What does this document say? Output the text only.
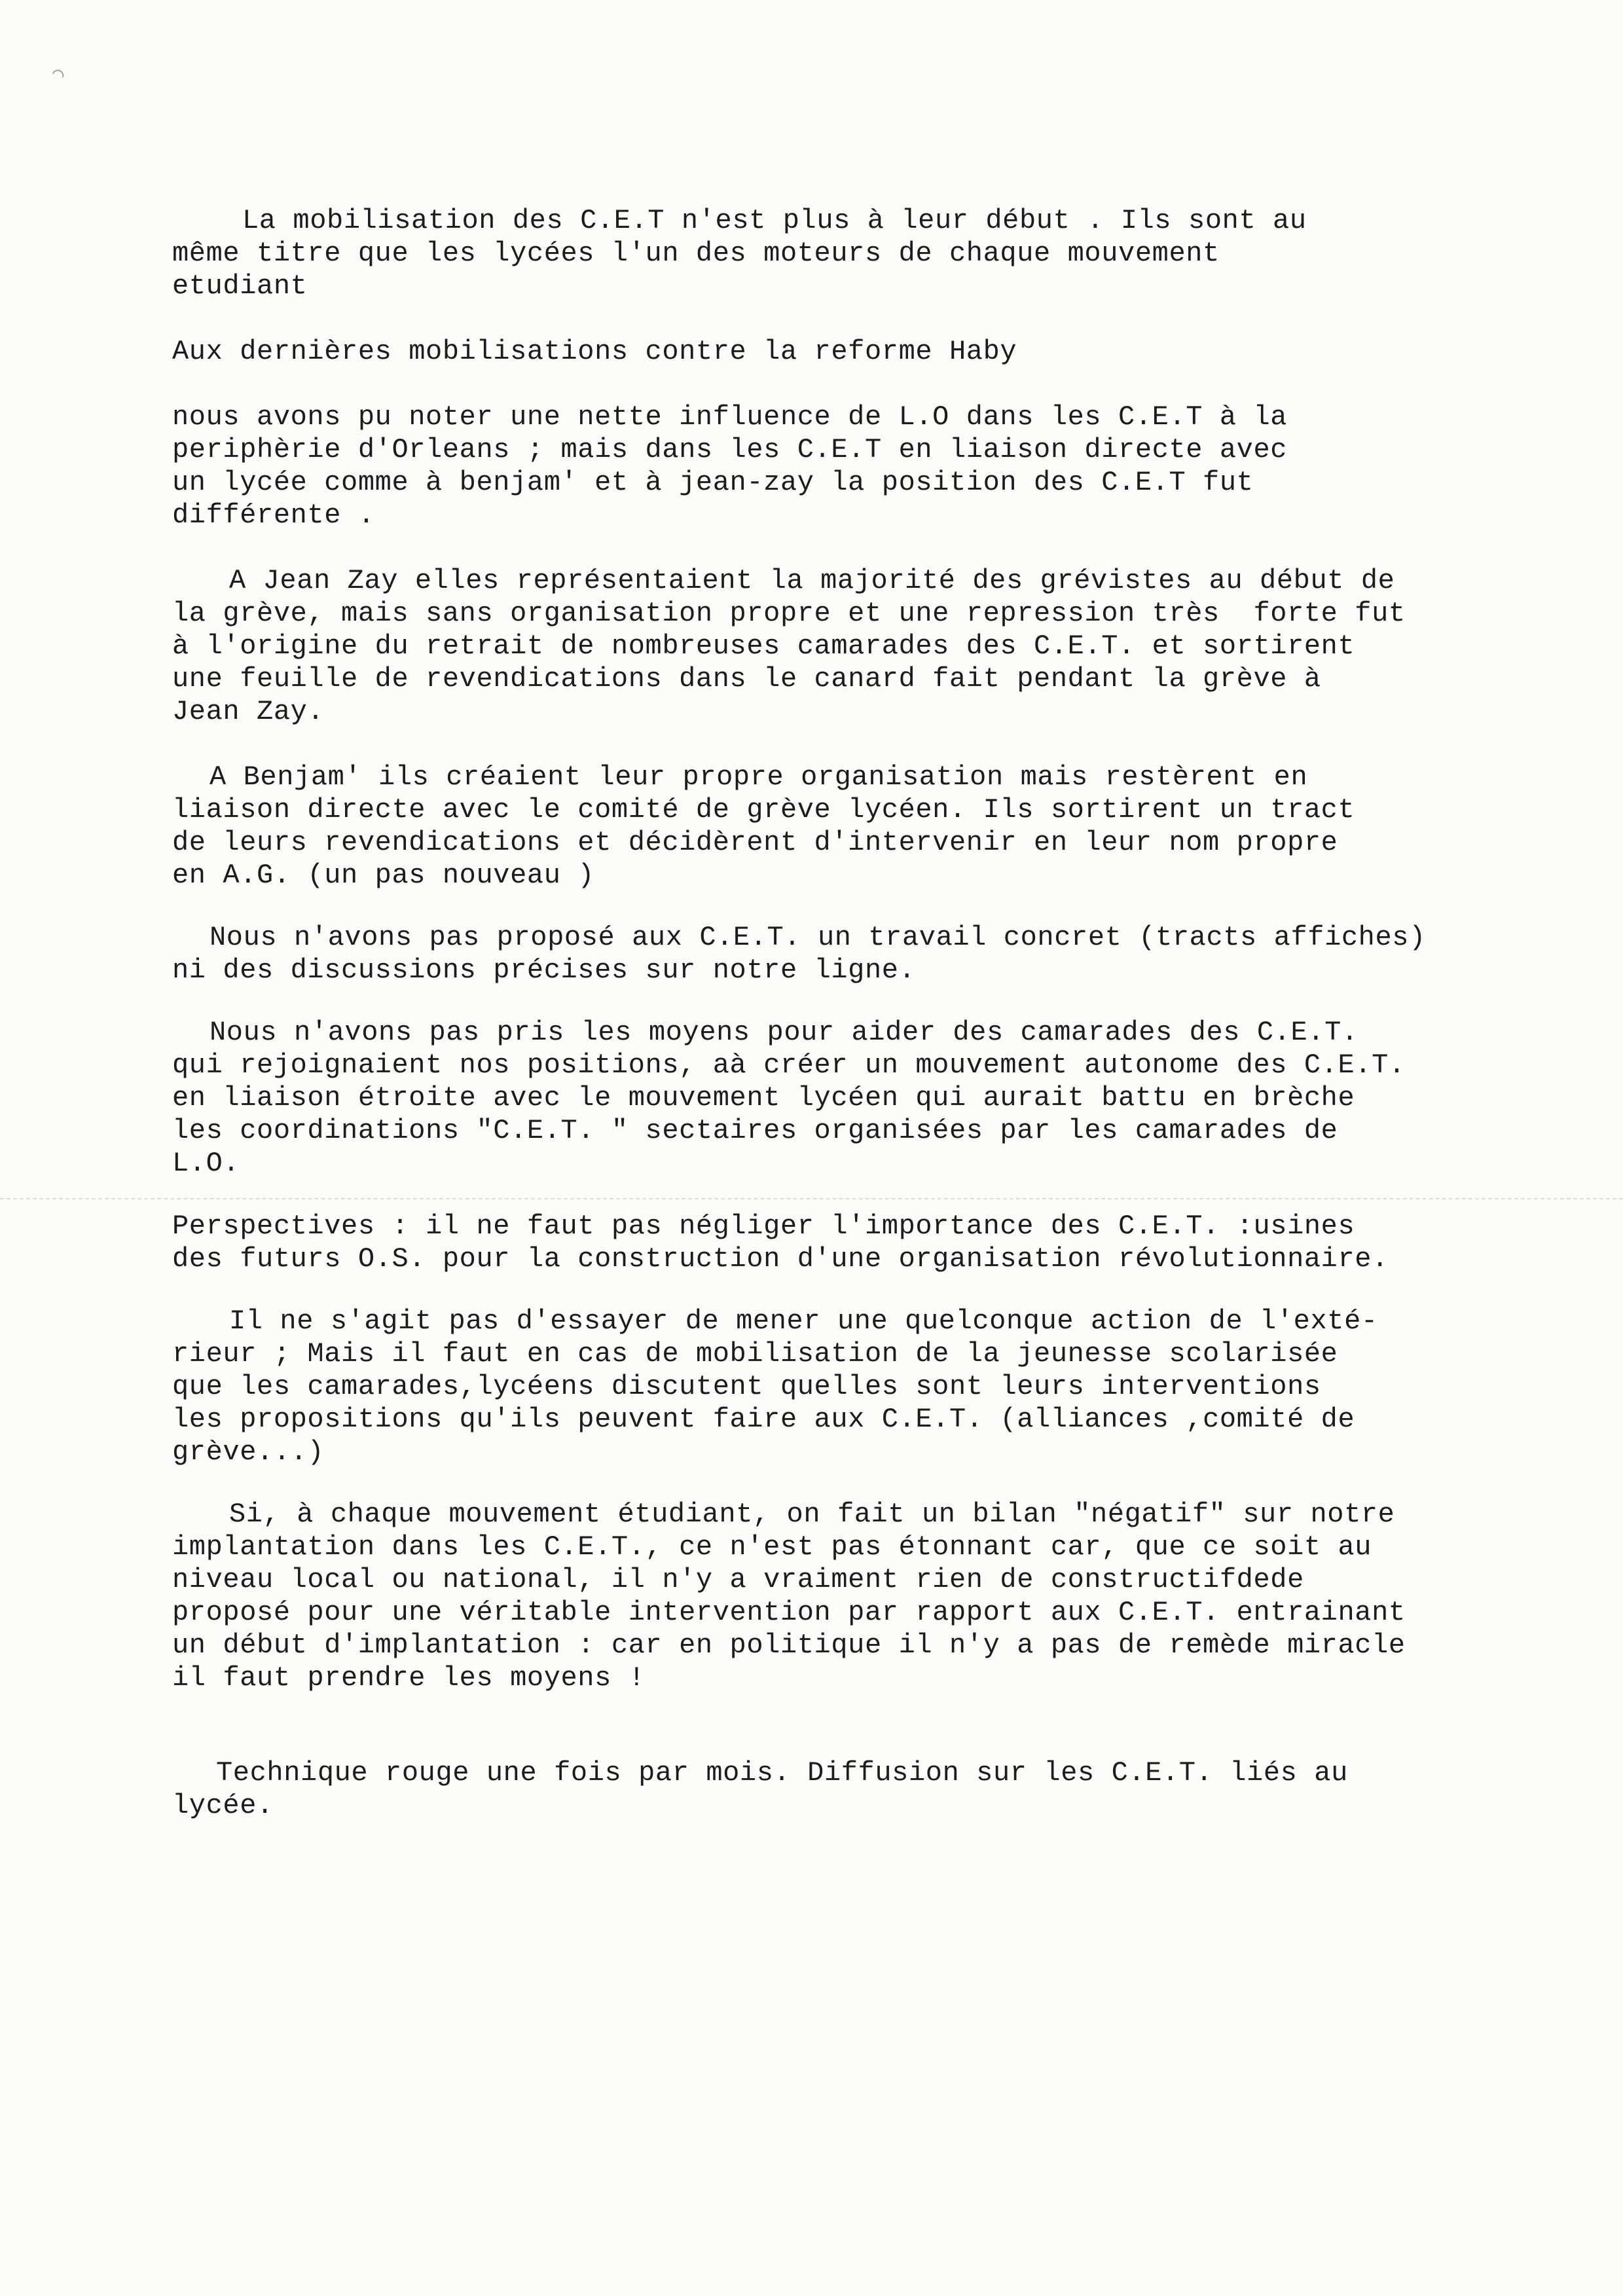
⌒
La mobilisation des C.E.T n'est plus à leur début . Ils sont au
même titre que les lycées l'un des moteurs de chaque mouvement
etudiant
Aux dernières mobilisations contre la reforme Haby
nous avons pu noter une nette influence de L.O dans les C.E.T à la
periphèrie d'Orleans ; mais dans les C.E.T en liaison directe avec
un lycée comme à benjam' et à jean-zay la position des C.E.T fut
différente .
A Jean Zay elles représentaient la majorité des grévistes au début de
la grève, mais sans organisation propre et une repression très  forte fut
à l'origine du retrait de nombreuses camarades des C.E.T. et sortirent
une feuille de revendications dans le canard fait pendant la grève à
Jean Zay.
A Benjam' ils créaient leur propre organisation mais restèrent en
liaison directe avec le comité de grève lycéen. Ils sortirent un tract
de leurs revendications et décidèrent d'intervenir en leur nom propre
en A.G. (un pas nouveau )
Nous n'avons pas proposé aux C.E.T. un travail concret (tracts affiches)
ni des discussions précises sur notre ligne.
Nous n'avons pas pris les moyens pour aider des camarades des C.E.T.
qui rejoignaient nos positions, aà créer un mouvement autonome des C.E.T.
en liaison étroite avec le mouvement lycéen qui aurait battu en brèche
les coordinations "C.E.T. " sectaires organisées par les camarades de
L.O.
Perspectives : il ne faut pas négliger l'importance des C.E.T. :usines
des futurs O.S. pour la construction d'une organisation révolutionnaire.
Il ne s'agit pas d'essayer de mener une quelconque action de l'exté-
rieur ; Mais il faut en cas de mobilisation de la jeunesse scolarisée
que les camarades,lycéens discutent quelles sont leurs interventions
les propositions qu'ils peuvent faire aux C.E.T. (alliances ,comité de
grève...)
Si, à chaque mouvement étudiant, on fait un bilan "négatif" sur notre
implantation dans les C.E.T., ce n'est pas étonnant car, que ce soit au
niveau local ou national, il n'y a vraiment rien de constructifdede
proposé pour une véritable intervention par rapport aux C.E.T. entrainant
un début d'implantation : car en politique il n'y a pas de remède miracle
il faut prendre les moyens !
Technique rouge une fois par mois. Diffusion sur les C.E.T. liés au
lycée.
